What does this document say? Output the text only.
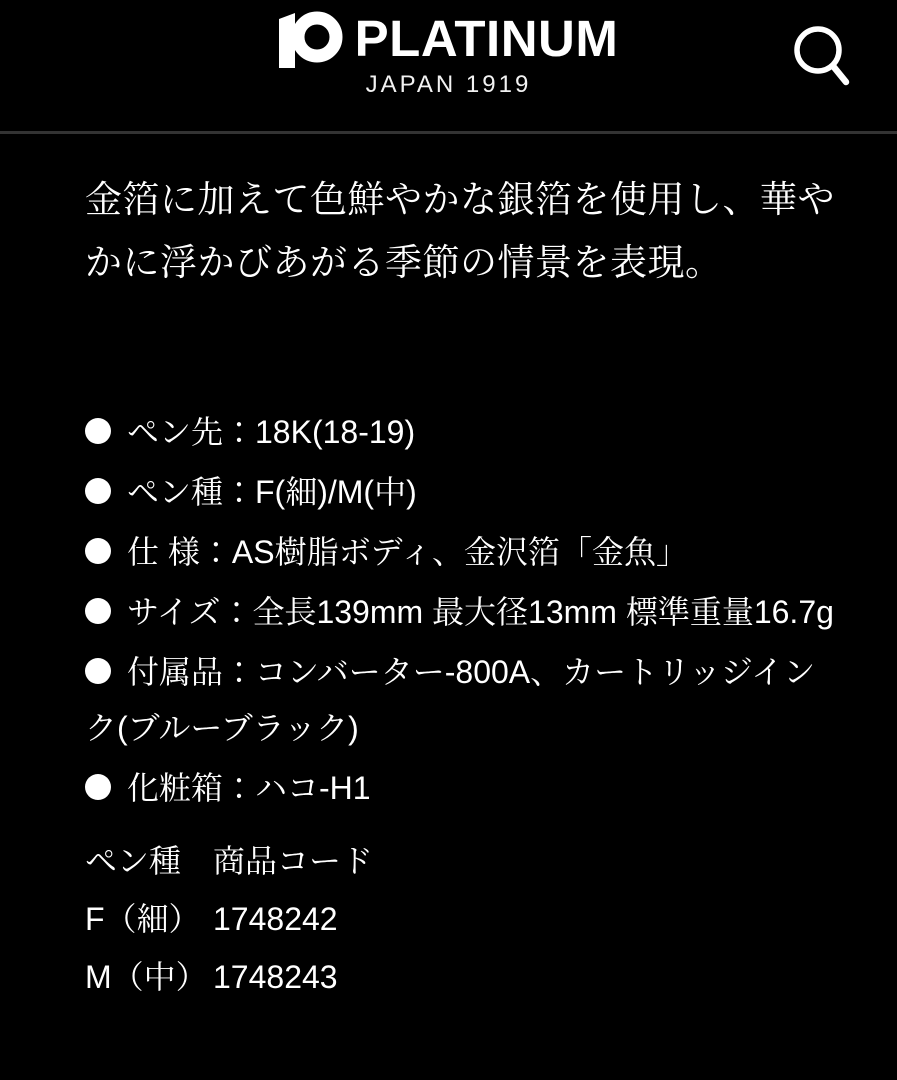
PLATINUM
JAPAN 1919

金箔に加えて色鮮やかな銀箔を使用し、華やかに浮かびあがる季節の情景を表現。

ペン先：18K(18-19)
ペン種：F(細)/M(中)
仕 様：AS樹脂ボディ、金沢箔「金魚」
サイズ：全長139mm 最大径13mm 標準重量16.7g
付属品：コンバーター-800A、カートリッジインク(ブルーブラック)
化粧箱：ハコ-H1
ペン種 商品コード
F（細） 1748242
M（中） 1748243
